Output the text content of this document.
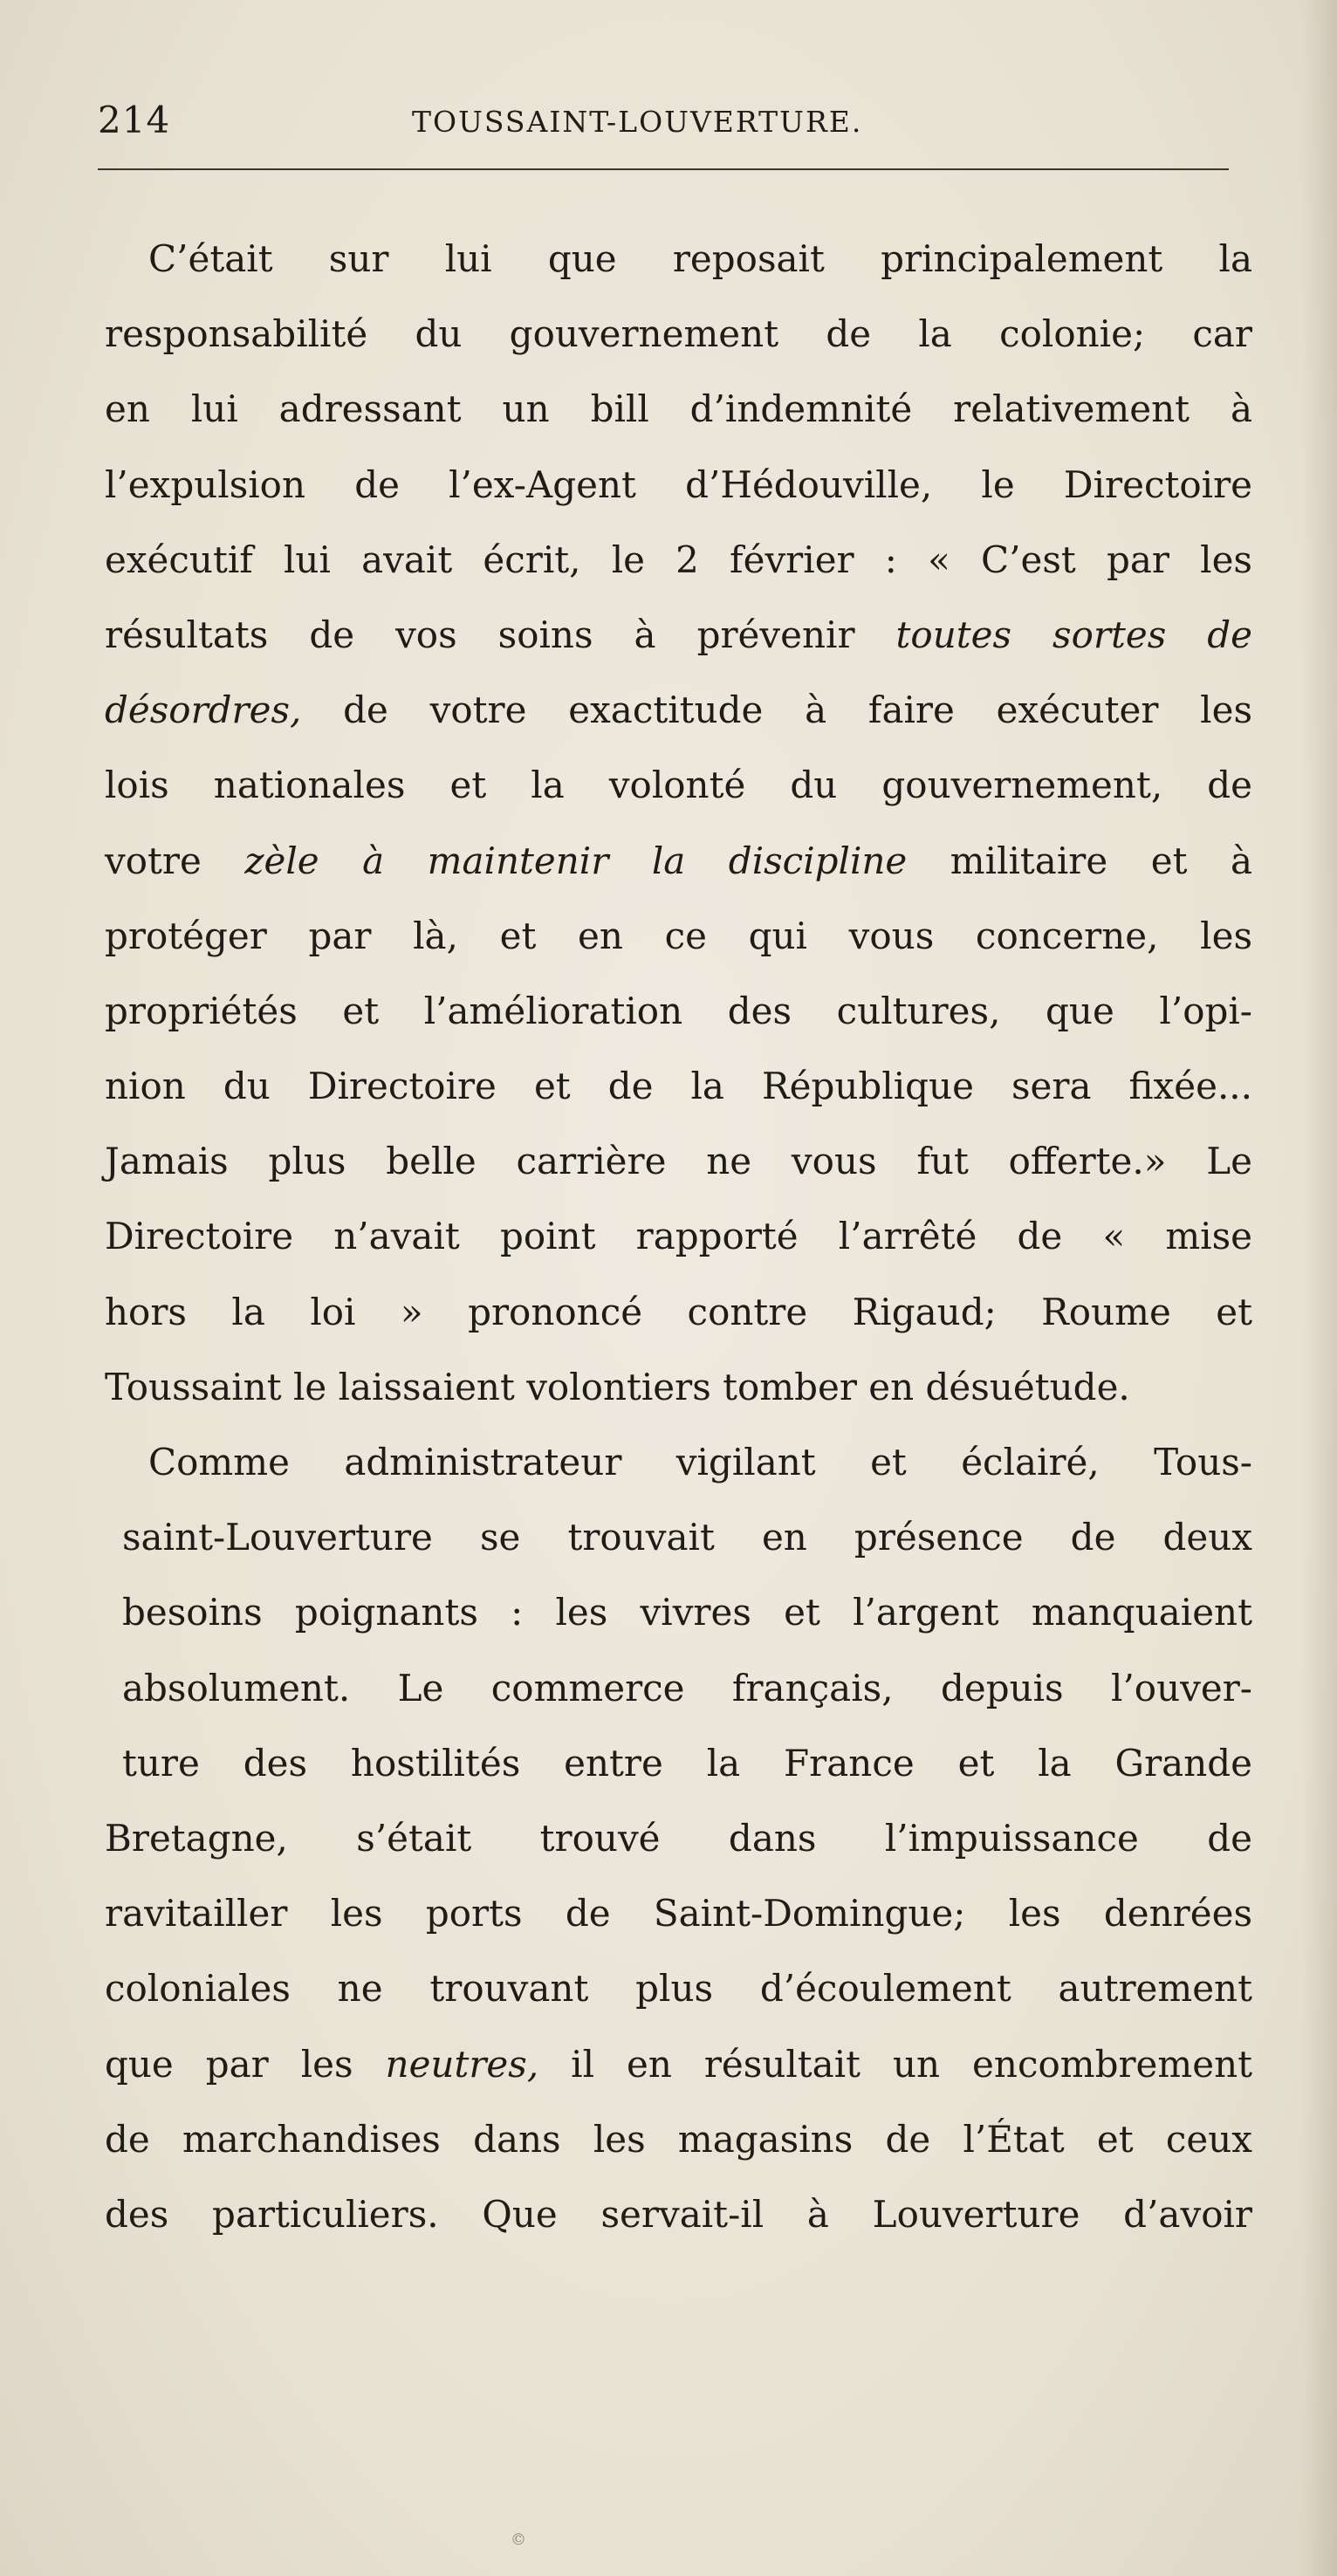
214	TOUSSAINT-LOUVERTURE.
C’était sur lui que reposait principalement la
responsabilité du gouvernement de la colonie; car
en lui adressant un bill d’indemnité relativement à
l’expulsion de l’ex-Agent d’Hédouville, le Directoire
exécutif lui avait écrit, le 2 février : « C’est par les
résultats de vos soins à prévenir toutes sortes de
désordres, de votre exactitude à faire exécuter les
lois nationales et la volonté du gouvernement, de
votre zèle à maintenir la discipline militaire et à
protéger par là, et en ce qui vous concerne, les
propriétés et l’amélioration des cultures, que l’opi-
nion du Directoire et de la République sera fixée...
Jamais plus belle carrière ne vous fut offerte.» Le
Directoire n’avait point rapporté l’arrêté de « mise
hors la loi » prononcé contre Rigaud; Roume et
Toussaint le laissaient volontiers tomber en désuétude.
Comme administrateur vigilant et éclairé, Tous-
saint-Louverture se trouvait en présence de deux
besoins poignants : les vivres et l’argent manquaient
absolument. Le commerce français, depuis l’ouver-
ture des hostilités entre la France et la Grande
Bretagne, s’était trouvé dans l’impuissance de
ravitailler les ports de Saint-Domingue; les denrées
coloniales ne trouvant plus d’écoulement autrement
que par les neutres, il en résultait un encombrement
de marchandises dans les magasins de l’État et ceux
des particuliers. Que servait-il à Louverture d’avoir
©
